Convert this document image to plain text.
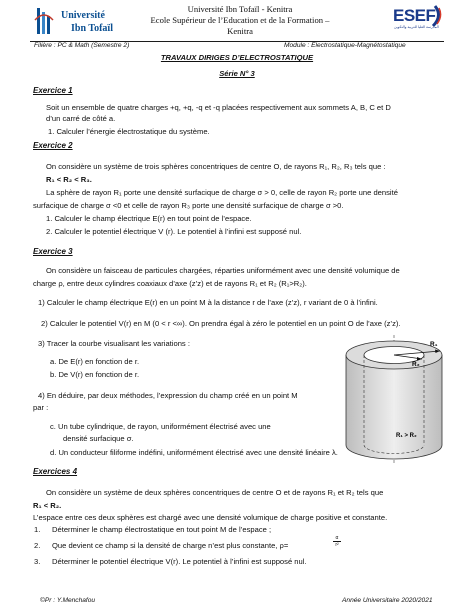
Université
Ibn Tofaïl
Université Ibn Tofaïl - Kenitra
Ecole Supérieur de l’Education et de la Formation – Kenitra
ESEF
المدرسة العليا للتربية والتكوين
Filière : PC & Math (Semestre 2)	Module : Electrostatique-Magnétostatique
TRAVAUX DIRIGES D’ELECTROSTATIQUE
Série N° 3
Exercice 1
Soit un ensemble de quatre charges +q, +q, -q et -q placées respectivement aux sommets A, B, C et D
d’un carré de côté a.
1. Calculer l’énergie électrostatique du système.
Exercice 2
On considère un système de trois sphères concentriques de centre O, de rayons R₁, R₂, R₃ tels que :
R₁ < R₂ < R₃.
La sphère de rayon R₁ porte une densité surfacique de charge σ > 0, celle de rayon R₂ porte une densité
surfacique de charge σ <0 et celle de rayon R₃ porte une densité surfacique de charge σ >0.
1. Calculer le champ électrique E(r) en tout point de l’espace.
2. Calculer le potentiel électrique V (r). Le potentiel à l’infini est supposé nul.
Exercice 3
On considère un faisceau de particules chargées, réparties uniformément avec une densité volumique de
charge ρ, entre deux cylindres coaxiaux d’axe (z’z) et de rayons R₁ et R₂ (R₁>R₂).
1) Calculer le champ électrique E(r) en un point M à la distance r de l’axe (z’z), r variant de 0 à l’infini.
2) Calculer le potentiel V(r) en M (0 < r <∞). On prendra égal à zéro le potentiel en un point O de l’axe (z’z).
3) Tracer la courbe visualisant les variations :
a. De E(r) en fonction de r.
b. De V(r) en fonction de r.
4) En déduire, par deux méthodes, l’expression du champ créé en un point M
par :
c. Un tube cylindrique, de rayon, uniformément électrisé avec une
densité surfacique σ.
d. Un conducteur filiforme indéfini, uniformément électrisé avec une densité linéaire λ.
R₁
R₂
R₁ > R₂
Exercices 4
On considère un système de deux sphères concentriques de centre O et de rayons R₁ et R₂ tels que
R₁ < R₂.
L’espace entre ces deux sphères est chargé avec une densité volumique de charge positive et constante.
1. Déterminer le champ électrostatique en tout point M de l’espace ;
2. Que devient ce champ si la densité de charge n’est plus constante, ρ=	$\frac{\alpha}{\text{r²}}$
3. Déterminer le potentiel électrique V(r). Le potentiel à l’infini est supposé nul.
©Pr : Y.Menchafou	Année Universitaire 2020/2021
